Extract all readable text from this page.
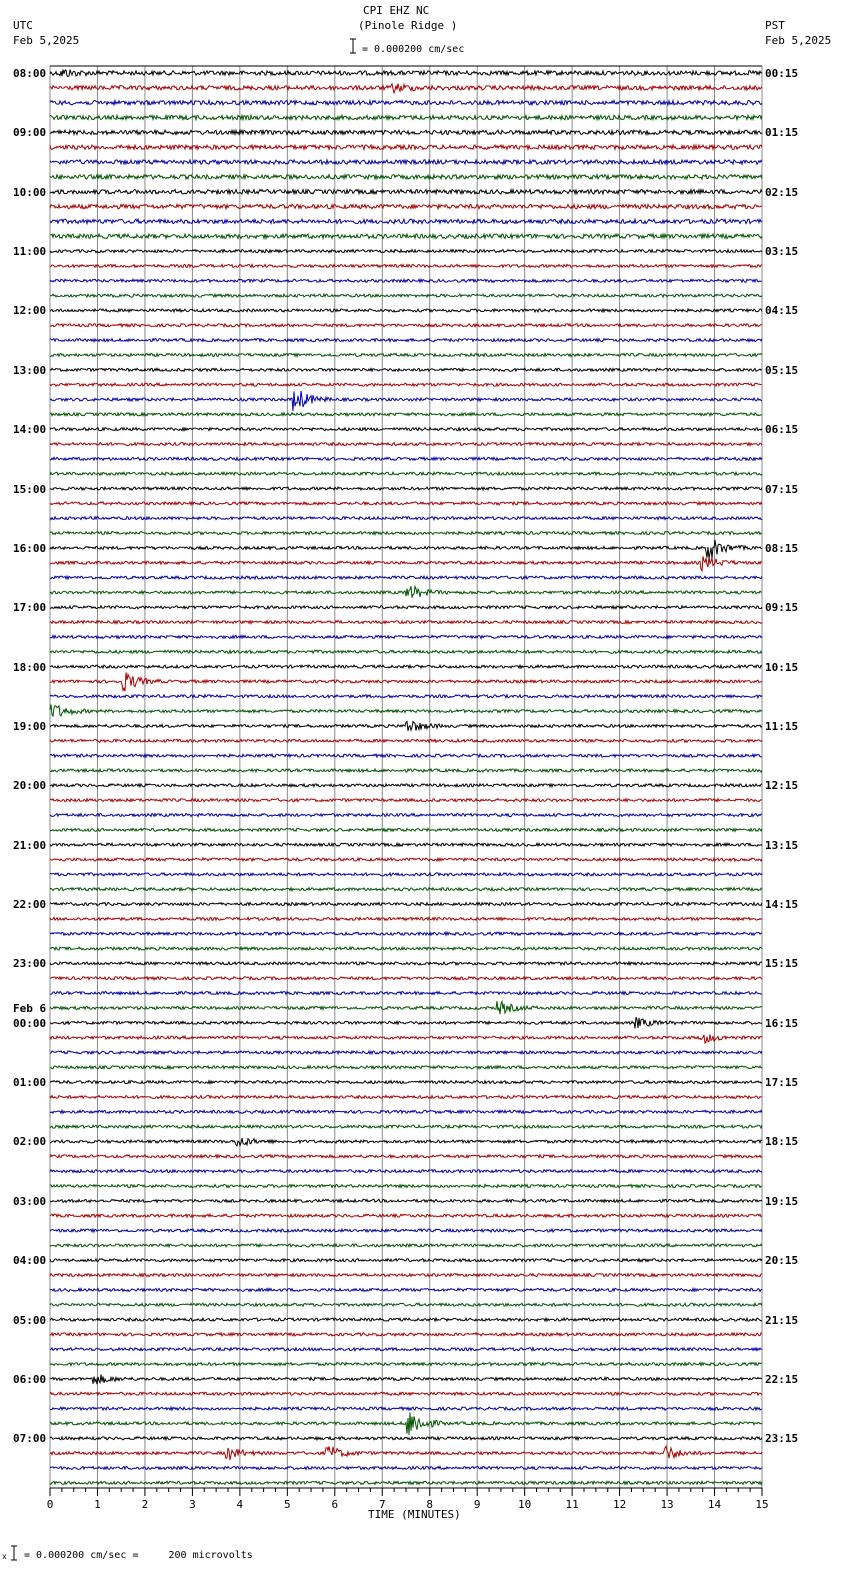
0	1	2	3	4	5	6	7	8	9	10	11	12	13	14	15
CPI EHZ NC
(Pinole Ridge )
= 0.000200 cm/sec
UTC
Feb 5,2025
PST
Feb 5,2025
08:00	00:15
09:00	01:15
10:00	02:15
11:00	03:15
12:00	04:15
13:00	05:15
14:00	06:15
15:00	07:15
16:00	08:15
17:00	09:15
18:00	10:15
19:00	11:15
20:00	12:15
21:00	13:15
22:00	14:15
23:00	15:15
00:00	16:15
01:00	17:15
02:00	18:15
03:00	19:15
04:00	20:15
05:00	21:15
06:00	22:15
07:00	23:15
Feb 6
TIME (MINUTES)
x = 0.000200 cm/sec =     200 microvolts
